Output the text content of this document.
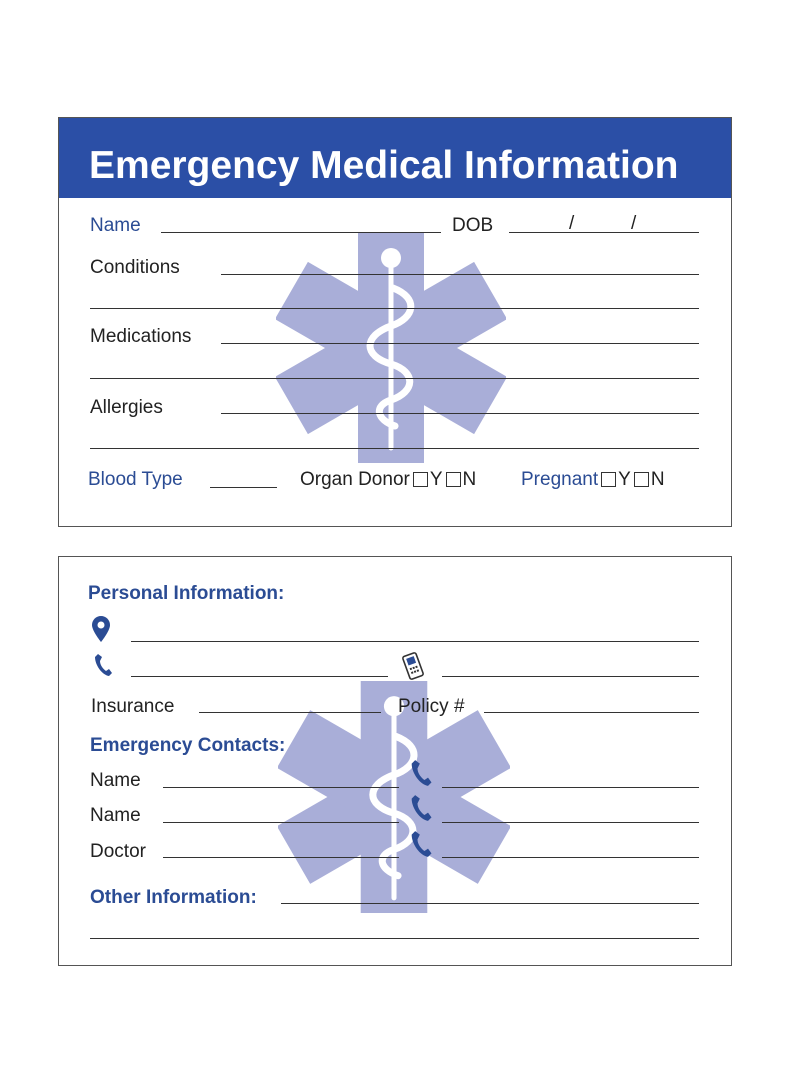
Emergency Medical Information
Name	DOB	/	/
Conditions
Medications
Allergies
Blood Type	Organ Donor Y N Pregnant Y N
Personal Information:
Insurance	Policy #
Emergency Contacts:
Name
Name
Doctor
Other Information:
